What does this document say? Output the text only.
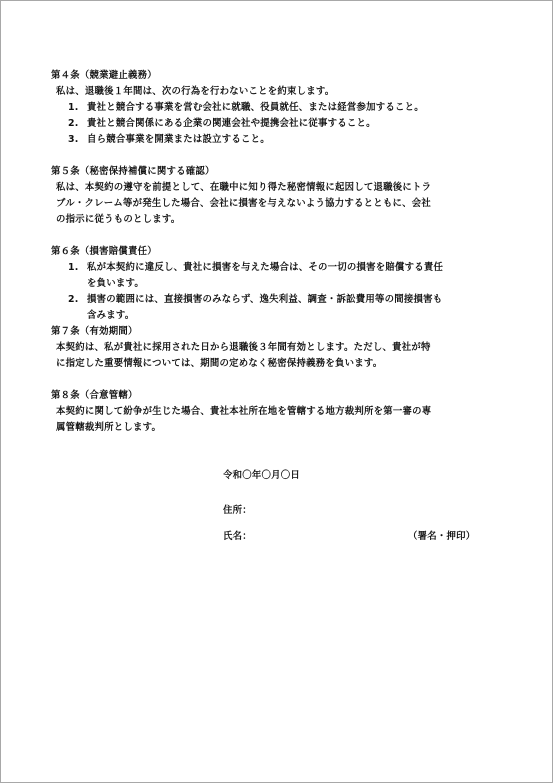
第４条（競業避止義務）

私は、退職後１年間は、次の行為を行わないことを約束します。

1. 貴社と競合する事業を営む会社に就職、役員就任、または経営参加すること。
2. 貴社と競合関係にある企業の関連会社や提携会社に従事すること。
3. 自ら競合事業を開業または設立すること。

第５条（秘密保持補償に関する確認）

私は、本契約の遵守を前提として、在職中に知り得た秘密情報に起因して退職後にトラ

ブル・クレーム等が発生した場合、会社に損害を与えないよう協力するとともに、会社

の指示に従うものとします。

第６条（損害賠償責任）

1. 私が本契約に違反し、貴社に損害を与えた場合は、その一切の損害を賠償する責任
を負います。
2. 損害の範囲には、直接損害のみならず、逸失利益、調査・訴訟費用等の間接損害も
含みます。

第７条（有効期間）

本契約は、私が貴社に採用された日から退職後３年間有効とします。ただし、貴社が特

に指定した重要情報については、期間の定めなく秘密保持義務を負います。

第８条（合意管轄）

本契約に関して紛争が生じた場合、貴社本社所在地を管轄する地方裁判所を第一審の専

属管轄裁判所とします。

令和〇年〇月〇日
住所：
氏名：	（署名・押印）
